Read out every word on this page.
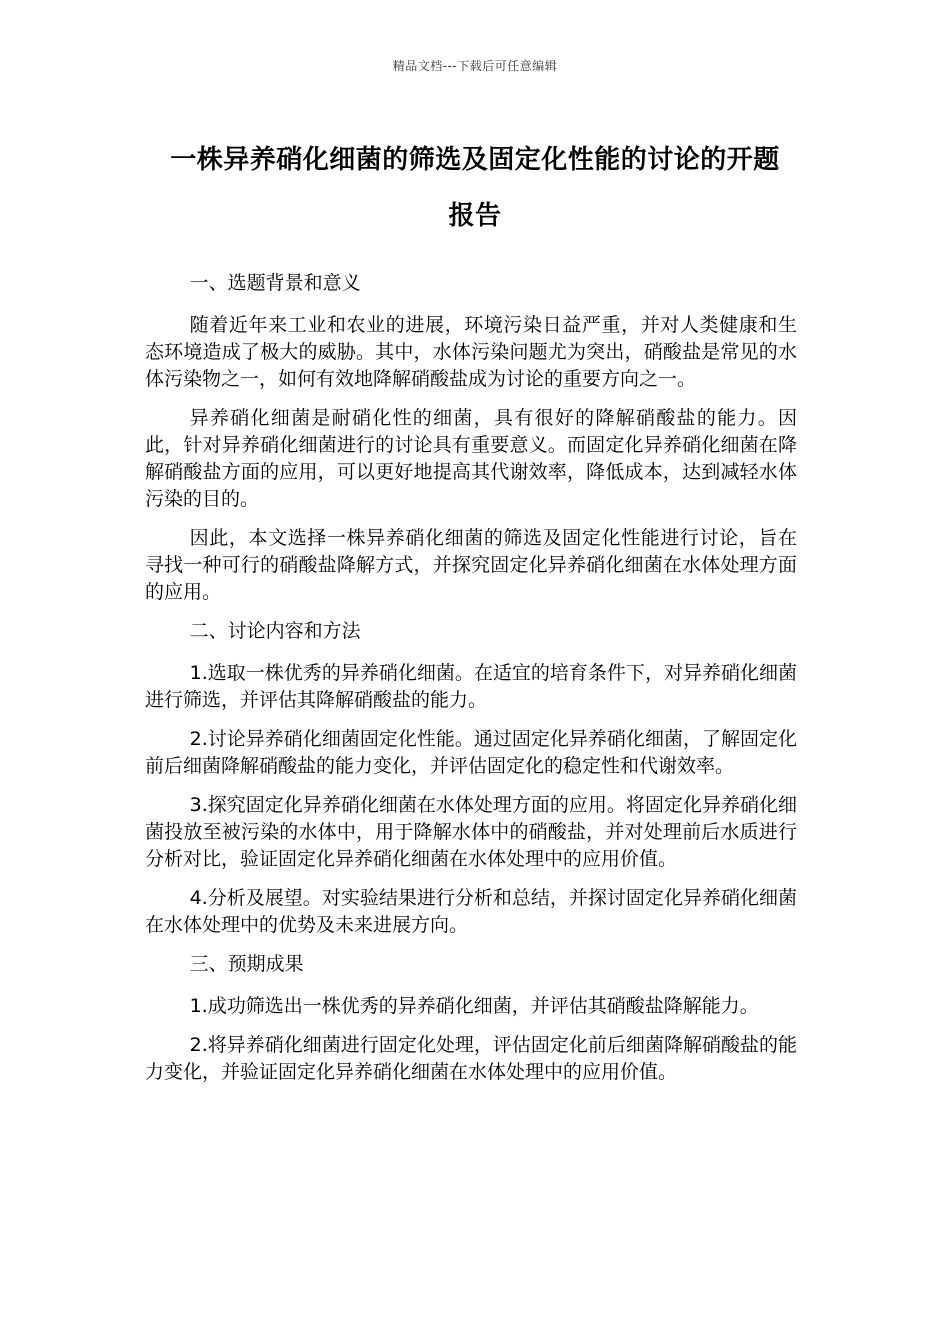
精品文档---下载后可任意编辑
一株异养硝化细菌的筛选及固定化性能的讨论的开题
报告

一、选题背景和意义

随着近年来工业和农业的进展，环境污染日益严重，并对人类健康和生态环境造成了极大的威胁。其中，水体污染问题尤为突出，硝酸盐是常见的水体污染物之一，如何有效地降解硝酸盐成为讨论的重要方向之一。

异养硝化细菌是耐硝化性的细菌，具有很好的降解硝酸盐的能力。因此，针对异养硝化细菌进行的讨论具有重要意义。而固定化异养硝化细菌在降解硝酸盐方面的应用，可以更好地提高其代谢效率，降低成本，达到减轻水体污染的目的。

因此，本文选择一株异养硝化细菌的筛选及固定化性能进行讨论，旨在寻找一种可行的硝酸盐降解方式，并探究固定化异养硝化细菌在水体处理方面的应用。

二、讨论内容和方法

1.选取一株优秀的异养硝化细菌。在适宜的培育条件下，对异养硝化细菌进行筛选，并评估其降解硝酸盐的能力。

2.讨论异养硝化细菌固定化性能。通过固定化异养硝化细菌，了解固定化前后细菌降解硝酸盐的能力变化，并评估固定化的稳定性和代谢效率。

3.探究固定化异养硝化细菌在水体处理方面的应用。将固定化异养硝化细菌投放至被污染的水体中，用于降解水体中的硝酸盐，并对处理前后水质进行分析对比，验证固定化异养硝化细菌在水体处理中的应用价值。

4.分析及展望。对实验结果进行分析和总结，并探讨固定化异养硝化细菌在水体处理中的优势及未来进展方向。

三、预期成果

1.成功筛选出一株优秀的异养硝化细菌，并评估其硝酸盐降解能力。

2.将异养硝化细菌进行固定化处理，评估固定化前后细菌降解硝酸盐的能力变化，并验证固定化异养硝化细菌在水体处理中的应用价值。
